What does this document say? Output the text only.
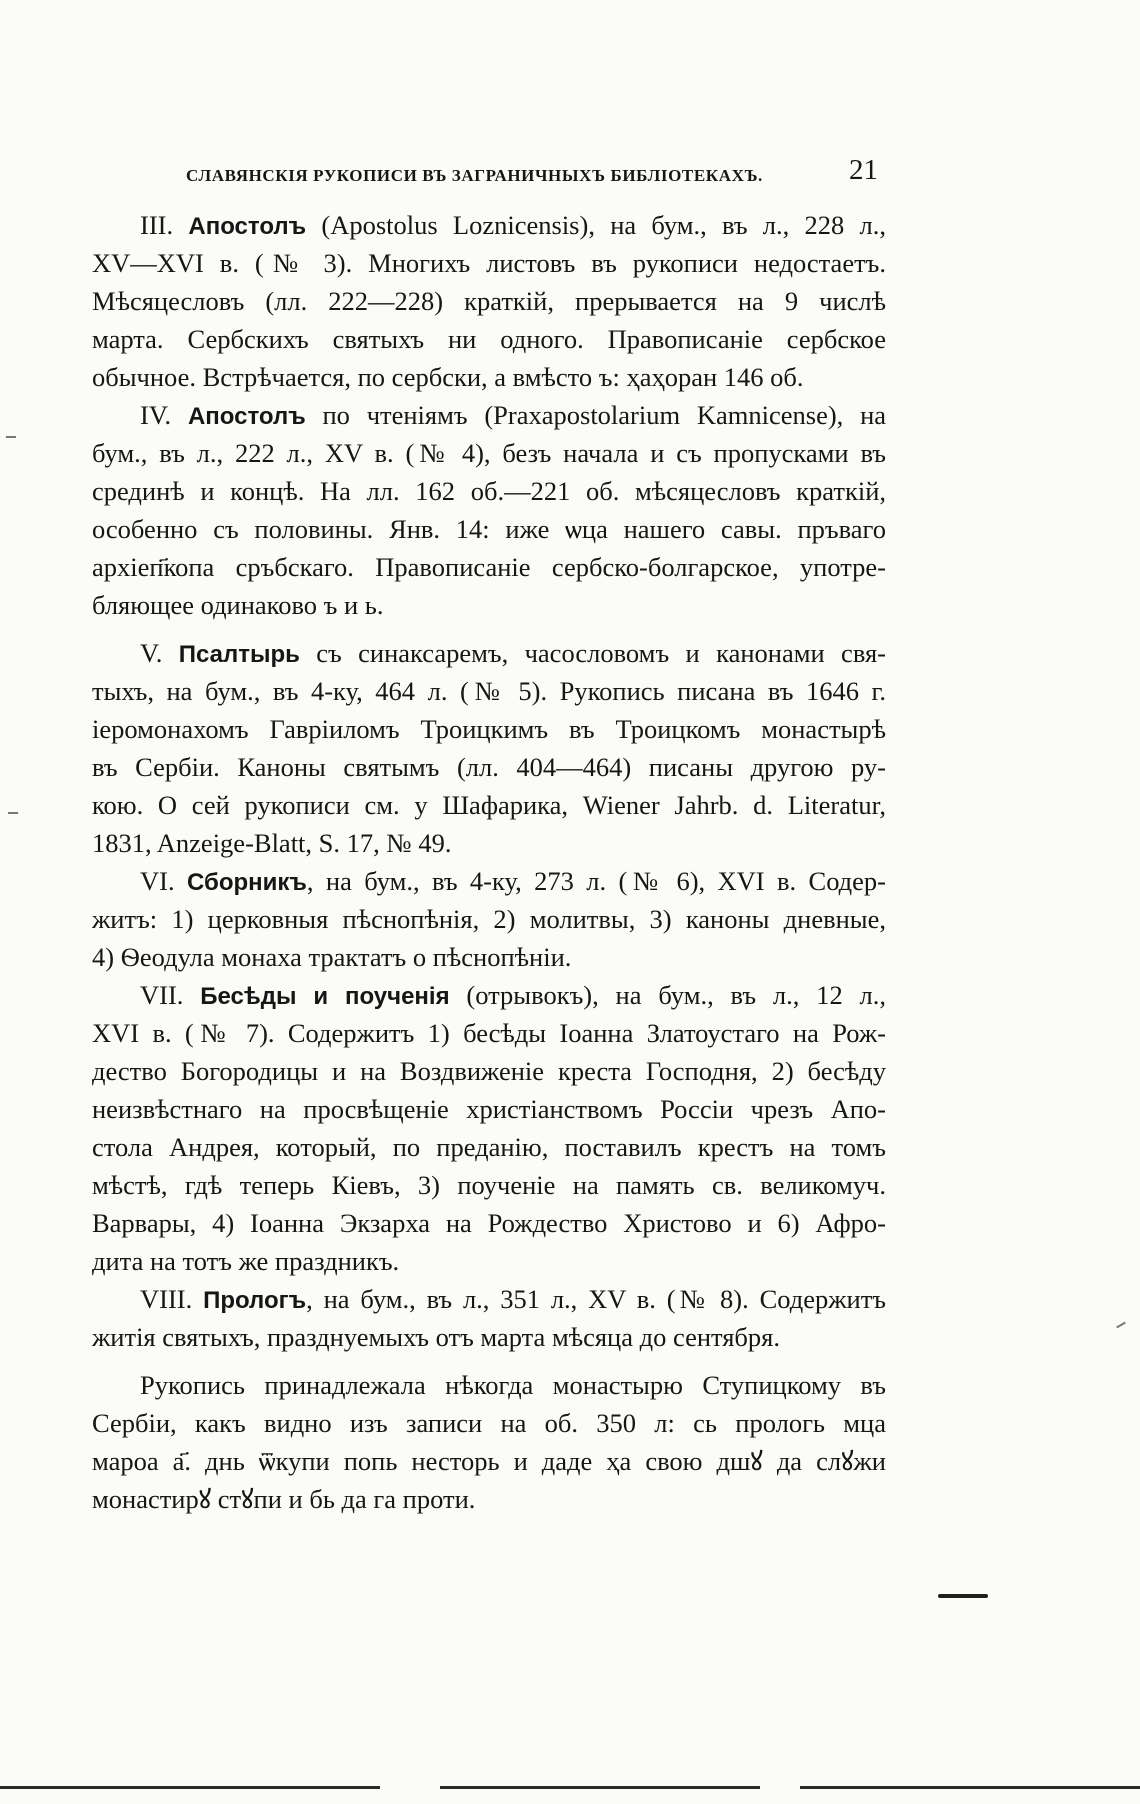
СЛАВЯНСКІЯ РУКОПИСИ ВЪ ЗАГРАНИЧНЫХЪ БИБЛІОТЕКАХЪ.	21
III. Апостолъ (Apostolus Loznicensis), на бум., въ л., 228 л.,
XV—XVI в. (№ 3). Многихъ листовъ въ рукописи недостаетъ.
Мѣсяцесловъ (лл. 222—228) краткій, прерывается на 9 числѣ
марта. Сербскихъ святыхъ ни одного. Правописаніе сербское
обычное. Встрѣчается, по сербски, а вмѣсто ъ: ҳаҳоран 146 об.
IV. Апостолъ по чтеніямъ (Praxapostolarium Kamnicense), на
бум., въ л., 222 л., XV в. (№ 4), безъ начала и съ пропусками въ
срединѣ и концѣ. На лл. 162 об.—221 об. мѣсяцесловъ краткій,
особенно съ половины. Янв. 14: иже ѡца нашего савы. пръваго
архіеп҃копа сръбскаго. Правописаніе сербско-болгарское, употре-
бляющее одинаково ъ и ь.
V. Псалтырь съ синаксаремъ, часословомъ и канонами свя-
тыхъ, на бум., въ 4-ку, 464 л. (№ 5). Рукопись писана въ 1646 г.
іеромонахомъ Гавріиломъ Троицкимъ въ Троицкомъ монастырѣ
въ Сербіи. Каноны святымъ (лл. 404—464) писаны другою ру-
кою. О сей рукописи см. у Шафарика, Wiener Jahrb. d. Literatur,
1831, Anzeige-Blatt, S. 17, № 49.
VI. Сборникъ, на бум., въ 4-ку, 273 л. (№ 6), XVI в. Содер-
житъ: 1) церковныя пѣснопѣнія, 2) молитвы, 3) каноны дневные,
4) Ѳеодула монаха трактатъ о пѣснопѣніи.
VII. Бесѣды и поученія (отрывокъ), на бум., въ л., 12 л.,
XVI в. (№ 7). Содержитъ 1) бесѣды Іоанна Златоустаго на Рож-
дество Богородицы и на Воздвиженіе креста Господня, 2) бесѣду
неизвѣстнаго на просвѣщеніе христіанствомъ Россіи чрезъ Апо-
стола Андрея, который, по преданію, поставилъ крестъ на томъ
мѣстѣ, гдѣ теперь Кіевъ, 3) поученіе на память св. великомуч.
Варвары, 4) Іоанна Экзарха на Рождество Христово и 6) Афро-
дита на тотъ же праздникъ.
VIII. Прологъ, на бум., въ л., 351 л., XV в. (№ 8). Содержитъ
житія святыхъ, празднуемыхъ отъ марта мѣсяца до сентября.
Рукопись принадлежала нѣкогда монастырю Ступицкому въ
Сербіи, какъ видно изъ записи на об. 350 л: сь прологь мца
мароа а҃. днь ѿкупи попь несторь и даде ҳа свою дшꙋ да слꙋжи
монастирꙋ стꙋпи и бь да га проти.
